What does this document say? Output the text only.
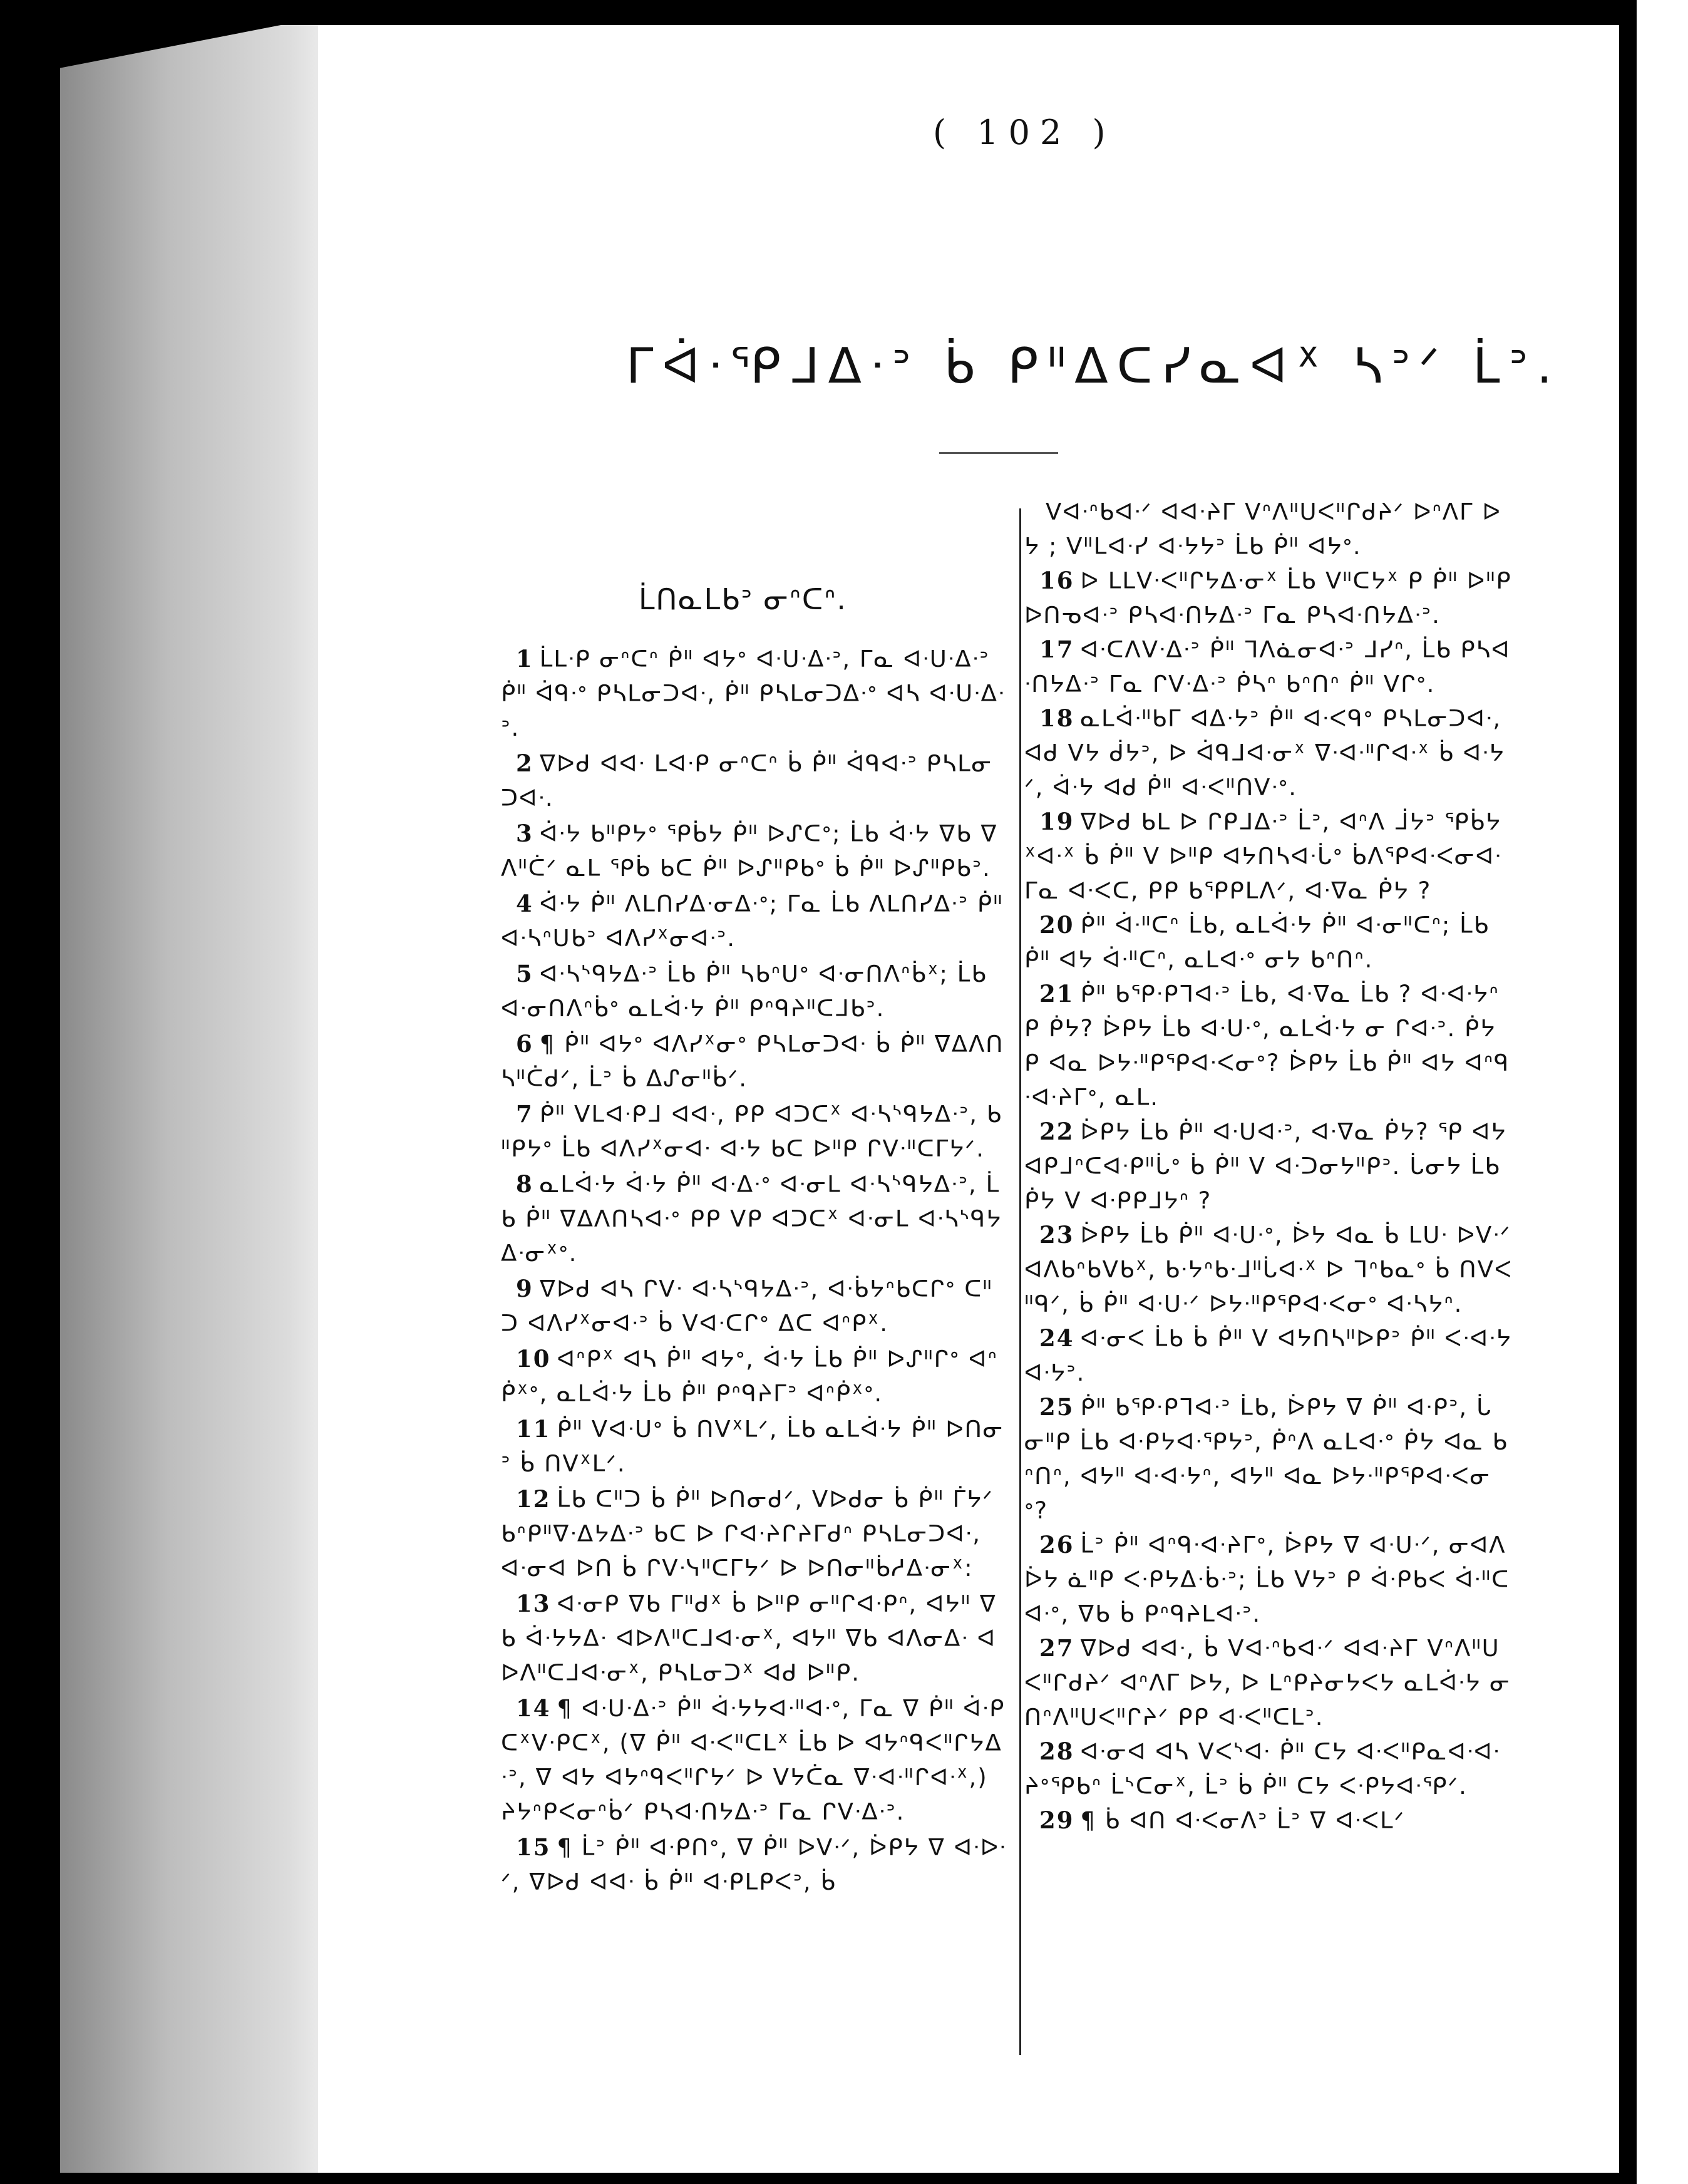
( 102 )
ᒥᐋᐧᕿᒧᐃᐧᐣ ᑳ ᑭᐦᐃᑕᓯᓇᐊᕽ ᓴᐣᐟ ᒫᐣ.
ᒫᑎᓇᒪᑲᐣ ᓂᐢᑕᐢ.

1 ᒫᒪᐧᑭ ᓂᐢᑕᐢ ᑮᐦ ᐊᔭᐤ ᐊᐧᑌᐧᐃᐧᐣ, ᒥᓇ ᐊᐧᑌᐧᐃᐧᐣ ᑮᐦ ᐋᑫᐧᐤ ᑭᓴᒪᓂᑐᐊᐧ, ᑮᐦ ᑭᓴᒪᓂᑐᐃᐧᐤ ᐊᓴ ᐊᐧᑌᐧᐃᐧᐣ.

2 ᐁᐅᑯ ᐊᐊᐧ ᒪᐊᐧᑭ ᓂᐢᑕᐢ ᑳ ᑮᐦ ᐋᑫᐊᐧᐣ ᑭᓴᒪᓂᑐᐊᐧ.

3 ᐋᐧᔭ ᑲᐦᑭᔭᐤ ᕿᑳᔭ ᑮᐦ ᐅᔑᑕᐤ; ᒫᑲ ᐋᐧᔭ ᐁᑲ ᐁ ᐱᐦᑖᐟ ᓇᒪ ᕿᑳ ᑲᑕ ᑮᐦ ᐅᔑᐦᑭᑲᐤ ᑳ ᑮᐦ ᐅᔑᐦᑭᑲᐣ.

4 ᐋᐧᔭ ᑮᐦ ᐱᒪᑎᓯᐃᐧᓂᐃᐧᐤ; ᒥᓇ ᒫᑲ ᐱᒪᑎᓯᐃᐧᐣ ᑮᐦ ᐊᐧᓴᐢᑌᑲᐣ ᐊᐱᓯᕽᓂᐊᐧᐣ.

5 ᐊᐧᓴᔅᑫᔭᐃᐧᐣ ᒫᑲ ᑮᐦ ᓴᑲᐢᑌᐤ ᐊᐧᓂᑎᐱᐢᑳᕽ; ᒫᑲ ᐊᐧᓂᑎᐱᐢᑳᐤ ᓇᒪᐋᐧᔭ ᑮᐦ ᑭᐢᑫᔨᐦᑕᒧᑲᐣ.

6 ¶ ᑮᐦ ᐊᔭᐤ ᐊᐱᓯᕽᓂᐤ ᑭᓴᒪᓂᑐᐊᐧ ᑳ ᑮᐦ ᐁᐃᐱᑎᓴᐦᑖᑯᐟ, ᒫᐣ ᑳ ᐃᔑᓂᐦᑳᐟ.

7 ᑮᐦ ᐯᒪᐊᐧᑭᒧ ᐊᐊᐧ, ᑭᑭ ᐊᑐᑕᕽ ᐊᐧᓴᔅᑫᔭᐃᐧᐣ, ᑲᐦᑭᔭᐤ ᒫᑲ ᐊᐱᓯᕽᓂᐊᐧ ᐊᐧᔭ ᑲᑕ ᐅᐦᑭ ᒋᐯᐧᐦᑕᒥᔭᐟ.

8 ᓇᒪᐋᐧᔭ ᐋᐧᔭ ᑮᐦ ᐊᐧᐃᐧᐤ ᐊᐧᓂᒪ ᐊᐧᓴᔅᑫᔭᐃᐧᐣ, ᒫᑲ ᑮᐦ ᐁᐃᐱᑎᓴᐊᐧᐤ ᑭᑭ ᐯᑭ ᐊᑐᑕᕽ ᐊᐧᓂᒪ ᐊᐧᓴᔅᑫᔭᐃᐧᓂᕽᐤ.

9 ᐁᐅᑯ ᐊᓴ ᒋᐯᐧ ᐊᐧᓴᔅᑫᔭᐃᐧᐣ, ᐊᐧᑳᔭᐢᑲᑕᒋᐤ ᑕᐦᑐ ᐊᐱᓯᕽᓂᐊᐧᐣ ᑳ ᐯᐊᐧᑕᒋᐤ ᐃᑕ ᐊᐢᑭᕽ.

10 ᐊᐢᑭᕽ ᐊᓴ ᑮᐦ ᐊᔭᐤ, ᐋᐧᔭ ᒫᑲ ᑮᐦ ᐅᔑᐦᒋᐤ ᐊᐢᑮᕽᐤ, ᓇᒪᐋᐧᔭ ᒫᑲ ᑮᐦ ᑭᐢᑫᔨᒥᐣ ᐊᐢᑮᕽᐤ.

11 ᑮᐦ ᐯᐊᐧᑌᐤ ᑳ ᑎᐯᕽᒪᐟ, ᒫᑲ ᓇᒪᐋᐧᔭ ᑮᐦ ᐅᑎᓂᐣ ᑳ ᑎᐯᕽᒪᐟ.

12 ᒫᑲ ᑕᐦᑐ ᑳ ᑮᐦ ᐅᑎᓂᑯᐟ, ᐯᐅᑯᓂ ᑳ ᑮᐦ ᒦᔭᐟ ᑲᐢᑭᐦᐁᐧᐃᔭᐃᐧᐣ ᑲᑕ ᐅ ᒋᐊᐧᔨᒋᔨᒥᑯᐢ ᑭᓴᒪᓂᑐᐊᐧ, ᐊᐧᓂᐊ ᐅᑎ ᑳ ᒋᐯᐧᓭᐦᑕᒥᔭᐟ ᐅ ᐅᑎᓂᐦᑳᓱᐃᐧᓂᕽ:

13 ᐊᐧᓂᑭ ᐁᑲ ᒥᐦᑯᕽ ᑳ ᐅᐦᑭ ᓂᐦᒋᐊᐧᑭᐢ, ᐊᔭᐦ ᐁᑲ ᐋᐧᔭᔭᐃᐧ ᐊᐅᐱᐦᑕᒧᐊᐧᓂᕽ, ᐊᔭᐦ ᐁᑲ ᐊᐱᓂᐃᐧ ᐊᐅᐱᐦᑕᒧᐊᐧᓂᕽ, ᑭᓴᒪᓂᑐᕽ ᐊᑯ ᐅᐦᑭ.

14 ¶ ᐊᐧᑌᐧᐃᐧᐣ ᑮᐦ ᐋᐧᔭᔭᐊᐧᐦᐊᐧᐤ, ᒥᓇ ᐁ ᑮᐦ ᐋᐧᑭᑕᕽᐯᐧᑭᑕᕽ, (ᐁ ᑮᐦ ᐊᐧᐸᐦᑕᒪᕽ ᒫᑲ ᐅ ᐊᔭᐢᑫᐸᐦᒋᔭᐃᐧᐣ, ᐁ ᐊᔭ ᐊᔭᐢᑫᐸᐦᒋᔭᐟ ᐅ ᐯᔭᑖᓇ ᐁᐧᐊᐧᐦᒋᐊᐧᕽ,) ᔨᔭᐢᑭᐸᓂᐢᑳᐟ ᑭᓴᐊᐧᑎᔭᐃᐧᐣ ᒥᓇ ᒋᐯᐧᐃᐧᐣ.

15 ¶ ᒫᐣ ᑮᐦ ᐊᐧᑭᑎᐤ, ᐁ ᑮᐦ ᐅᐯᐧᐟ, ᐆᑭᔭ ᐁ ᐊᐧᐅᐧᐟ, ᐁᐅᑯ ᐊᐊᐧ ᑳ ᑮᐦ ᐊᐧᑭᒪᑭᐸᐣ, ᑳ

ᐯᐊᐧᐢᑲᐊᐧᐟ ᐊᐊᐧᔨᒥ ᐯᐢᐱᐦᑌᐸᐦᒋᑯᔨᐟ ᐅᐢᐱᒥ ᐅᔭ ; ᐯᐦᒪᐊᐧᓯ ᐊᐧᔭᔭᐣ ᒫᑲ ᑮᐦ ᐊᔭᐤ.

16 ᐅ ᒪᒪᐯᐧᐸᐦᒋᔭᐃᐧᓂᕽ ᒫᑲ ᐯᐦᑕᔭᕽ ᑭ ᑮᐦ ᐅᐦᑭ ᐅᑎᓀᐊᐧᐣ ᑭᓴᐊᐧᑎᔭᐃᐧᐣ ᒥᓇ ᑭᓴᐊᐧᑎᔭᐃᐧᐣ.

17 ᐊᐧᑕᐱᐯᐧᐃᐧᐣ ᑮᐦ ᒣᐱᓈᓂᐊᐧᐣ ᒧᓯᐢ, ᒫᑲ ᑭᓴᐊᐧᑎᔭᐃᐧᐣ ᒥᓇ ᒋᐯᐧᐃᐧᐣ ᑮᓴᐢ ᑲᐢᑎᐢ ᑮᐦ ᐯᒋᐤ.

18 ᓇᒪᐋᐧᐦᑲᒥ ᐊᐃᐧᔭᐣ ᑮᐦ ᐊᐧᐸᑫᐤ ᑭᓴᒪᓂᑐᐊᐧ, ᐊᑯ ᐯᔭ ᑰᔭᐣ, ᐅ ᐋᑫᒧᐊᐧᓂᕽ ᐁᐧᐊᐧᐦᒋᐊᐧᕽ ᑳ ᐊᐧᔭᐟ, ᐋᐧᔭ ᐊᑯ ᑮᐦ ᐊᐧᐸᐦᑎᐯᐧᐤ.

19 ᐁᐅᑯ ᑲᒪ ᐅ ᒋᑭᒧᐃᐧᐣ ᒫᐣ, ᐊᐢᐱ ᒨᔭᐣ ᕿᑳᔭᕽᐊᐧᕽ ᑳ ᑮᐦ ᐯ ᐅᐦᑭ ᐊᔭᑎᓴᐊᐧᒑᐤ ᑳᐱᕿᐊᐧᐸᓂᐊᐧ ᒥᓇ ᐊᐧᐸᑕ, ᑭᑭ ᑲᕿᑭᒪᐱᐟ, ᐊᐧᐁᓇ ᑮᔭ ?

20 ᑮᐦ ᐋᐧᐦᑕᐢ ᒫᑲ, ᓇᒪᐋᐧᔭ ᑮᐦ ᐊᐧᓂᐦᑕᐢ; ᒫᑲ ᑮᐦ ᐊᔭ ᐋᐧᐦᑕᐢ, ᓇᒪᐊᐧᐤ ᓂᔭ ᑲᐢᑎᐢ.

21 ᑮᐦ ᑲᕿᐧᑭᒣᐊᐧᐣ ᒫᑲ, ᐊᐧᐁᓇ ᒫᑲ ? ᐊᐧᐊᐧᔭᐢ ᑭ ᑮᔭ? ᐆᑭᔭ ᒫᑲ ᐊᐧᑌᐧᐤ, ᓇᒪᐋᐧᔭ ᓂ ᒋᐊᐧᐣ. ᑮᔭ ᑭ ᐊᓇ ᐅᔭᐧᐦᑭᕿᐊᐧᐸᓂᐤ? ᐆᑭᔭ ᒫᑲ ᑮᐦ ᐊᔭ ᐊᐢᑫᐧᐊᐧᔨᒥᐤ, ᓇᒪ.

22 ᐆᑭᔭ ᒫᑲ ᑮᐦ ᐊᐧᑌᐊᐧᐣ, ᐊᐧᐁᓇ ᑮᔭ? ᕿ ᐊᔭ ᐊᑭᒧᐢᑕᐊᐧᑭᐦᒑᐤ ᑳ ᑮᐦ ᐯ ᐊᐧᑐᓂᔭᐦᑭᐣ. ᒑᓂᔭ ᒫᑲ ᑮᔭ ᐯ ᐊᐧᑭᑭᒧᔭᐢ ?

23 ᐆᑭᔭ ᒫᑲ ᑮᐦ ᐊᐧᑌᐧᐤ, ᐆᔭ ᐊᓇ ᑳ ᒪᑌᐧ ᐅᐯᐧᐟ ᐊᐱᑲᐢᑲᐯᑲᕽ, ᑲᐧᔭᐢᑲᐧᒧᐦᒑᐊᐧᕽ ᐅ ᒣᐢᑲᓇᐤ ᑳ ᑎᐯᐸᐦᑫᐟ, ᑳ ᑮᐦ ᐊᐧᑌᐧᐟ ᐅᔭᐧᐦᑭᕿᐊᐧᐸᓂᐤ ᐊᐧᓴᔭᐢ.

24 ᐊᐧᓂᐸ ᒫᑲ ᑳ ᑮᐦ ᐯ ᐊᔭᑎᓴᐦᐅᑭᐣ ᑮᐦ ᐸᐧᐊᐧᔭᐊᐧᔭᐣ.

25 ᑮᐦ ᑲᕿᐧᑭᒣᐊᐧᐣ ᒫᑲ, ᐆᑭᔭ ᐁ ᑮᐦ ᐊᐧᑭᐣ, ᒑᓂᐦᑭ ᒫᑲ ᐊᐧᑭᔭᐊᐧᕿᔭᐣ, ᑮᐢᐱ ᓇᒪᐊᐧᐤ ᑮᔭ ᐊᓇ ᑲᐢᑎᐢ, ᐊᔭᐦ ᐊᐧᐊᐧᔭᐢ, ᐊᔭᐦ ᐊᓇ ᐅᔭᐧᐦᑭᕿᐊᐧᐸᓂᐤ?

26 ᒫᐣ ᑮᐦ ᐊᐢᑫᐧᐊᐧᔨᒥᐤ, ᐆᑭᔭ ᐁ ᐊᐧᑌᐧᐟ, ᓂᐊᐱ ᐆᔭ ᓈᐦᑭ ᐸᐧᑭᔭᐃᐧᑳᐧᐣ; ᒫᑲ ᐯᔭᐣ ᑭ ᐋᐧᑭᑲᐸ ᐋᐧᐦᑕᐊᐧᐤ, ᐁᑲ ᑳ ᑭᐢᑫᔨᒪᐊᐧᐣ.

27 ᐁᐅᑯ ᐊᐊᐧ, ᑳ ᐯᐊᐧᐢᑲᐊᐧᐟ ᐊᐊᐧᔨᒥ ᐯᐢᐱᐦᑌᐸᐦᒋᑯᔨᐟ ᐊᐢᐱᒥ ᐅᔭ, ᐅ ᒪᐢᑭᔨᓂᔭᐸᔭ ᓇᒪᐋᐧᔭ ᓂ ᑎᐢᐱᐦᑌᐸᐦᒋᔨᐟ ᑭᑭ ᐊᐧᐸᐦᑕᒪᐣ.

28 ᐊᐧᓂᐊ ᐊᓴ ᐯᐸᔅᐊᐧ ᑮᐦ ᑕᔭ ᐊᐧᐸᐦᑭᓇᐊᐧᐊᐧᔨᐤᕿᑲᐢ ᒫᔅᑕᓂᕽ, ᒫᐣ ᑳ ᑮᐦ ᑕᔭ ᐸᐧᑭᔭᐊᐧᕿᐟ.

29 ¶ ᑳ ᐊᑎ ᐊᐧᐸᓂᐱᐣ ᒫᐣ ᐁ ᐊᐧᐸᒪᐟ
